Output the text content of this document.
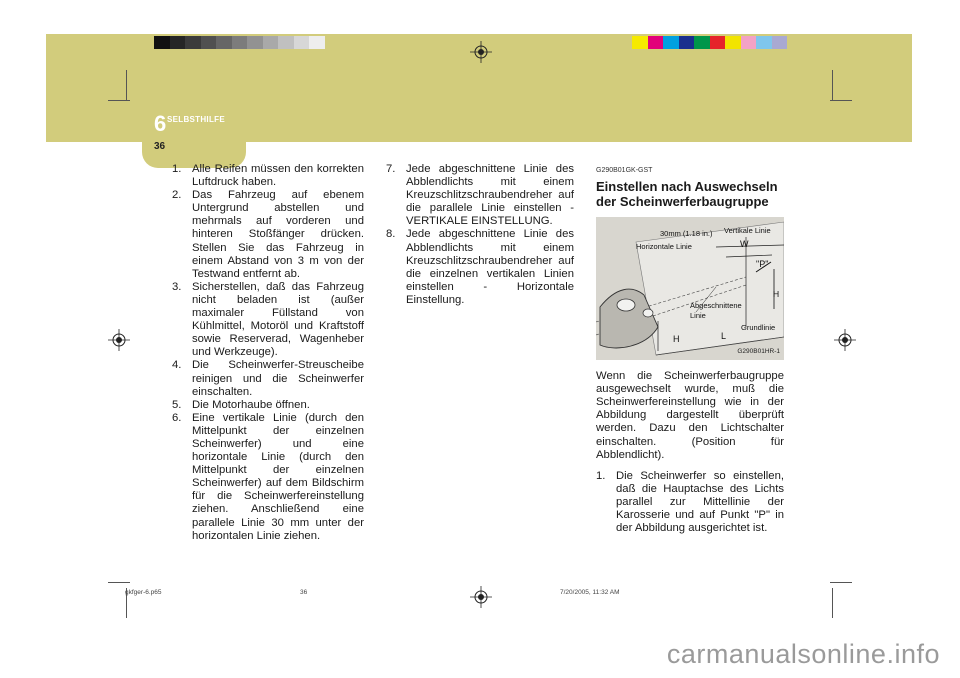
6 SELBSTHILFE
36
1. Alle Reifen müssen den korrekten Luftdruck haben.
2. Das Fahrzeug auf ebenem Untergrund abstellen und mehrmals auf vorderen und hinteren Stoßfänger drücken. Stellen Sie das Fahrzeug in einem Abstand von 3 m von der Testwand entfernt ab.
3. Sicherstellen, daß das Fahrzeug nicht beladen ist (außer maximaler Füllstand von Kühlmittel, Motoröl und Kraftstoff sowie Reserverad, Wagenheber und Werkzeuge).
4. Die Scheinwerfer-Streuscheibe reinigen und die Scheinwerfer einschalten.
5. Die Motorhaube öffnen.
6. Eine vertikale Linie (durch den Mittelpunkt der einzelnen Scheinwerfer) und eine horizontale Linie (durch den Mittelpunkt der einzelnen Scheinwerfer) auf dem Bildschirm für die Scheinwerfereinstellung ziehen. Anschließend eine parallele Linie 30 mm unter der horizontalen Linie ziehen.
7. Jede abgeschnittene Linie des Abblendlichts mit einem Kreuzschlitzschraubendreher auf die parallele Linie einstellen - VERTIKALE EINSTELLUNG.
8. Jede abgeschnittene Linie des Abblendlichts mit einem Kreuzschlitzschraubendreher auf die einzelnen vertikalen Linien einstellen - Horizontale Einstellung.
G290B01GK-GST
Einstellen nach Auswechseln der Scheinwerferbaugruppe
30mm (1.18 in.) Vertikale Linie
Horizontale Linie	W
"P"
H
Abgeschnittene
Linie
Grundlinie
L
H
G290B01HR-1
Wenn die Scheinwerferbaugruppe ausgewechselt wurde, muß die Scheinwerfereinstellung wie in der Abbildung dargestellt überprüft werden. Dazu den Lichtschalter einschalten. (Position für Abblendlicht).
1. Die Scheinwerfer so einstellen, daß die Hauptachse des Lichts parallel zur Mittellinie der Karosserie und auf Punkt "P" in der Abbildung ausgerichtet ist.
gkfger-6.p65	36	7/20/2005, 11:32 AM
carmanualsonline.info
